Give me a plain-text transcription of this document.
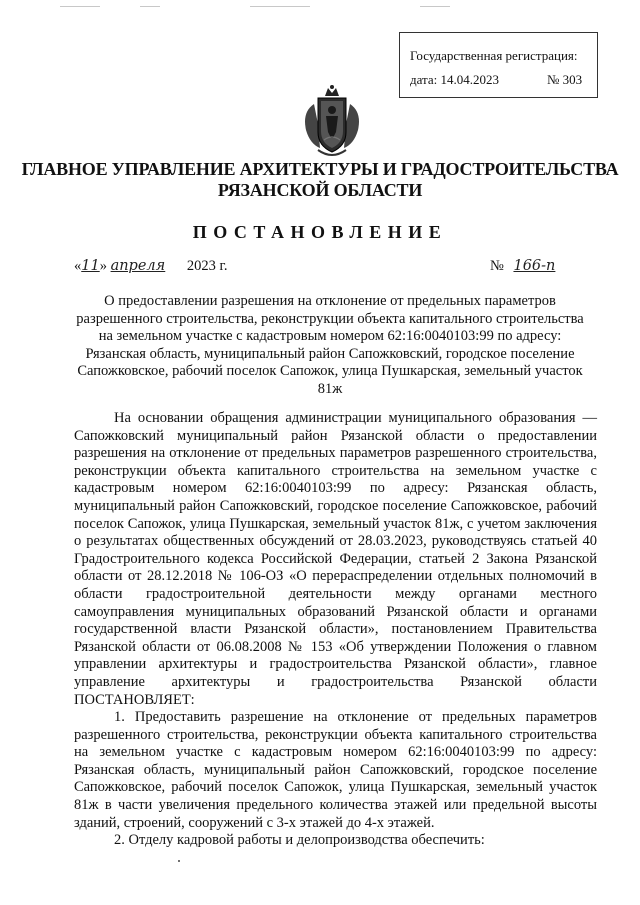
Государственная регистрация:
дата: 14.04.2023	№ 303
ГЛАВНОЕ УПРАВЛЕНИЕ АРХИТЕКТУРЫ И ГРАДОСТРОИТЕЛЬСТВА
РЯЗАНСКОЙ ОБЛАСТИ
ПОСТАНОВЛЕНИЕ
«11» апреля 2023 г.	№ 166-п
О предоставлении разрешения на отклонение от предельных параметров
разрешенного строительства, реконструкции объекта капитального строительства
на земельном участке с кадастровым номером 62:16:0040103:99 по адресу:
Рязанская область, муниципальный район Сапожковский, городское поселение
Сапожковское, рабочий поселок Сапожок, улица Пушкарская, земельный участок
81ж

На основании обращения администрации муниципального образования — Сапожковский муниципальный район Рязанской области о предоставлении разрешения на отклонение от предельных параметров разрешенного строительства, реконструкции объекта капитального строительства на земельном участке с кадастровым номером 62:16:0040103:99 по адресу: Рязанская область, муниципальный район Сапожковский, городское поселение Сапожковское, рабочий поселок Сапожок, улица Пушкарская, земельный участок 81ж, с учетом заключения о результатах общественных обсуждений от 28.03.2023, руководствуясь статьей 40 Градостроительного кодекса Российской Федерации, статьей 2 Закона Рязанской области от 28.12.2018 № 106-ОЗ «О перераспределении отдельных полномочий в области градостроительной деятельности между органами местного самоуправления муниципальных образований Рязанской области и органами государственной власти Рязанской области», постановлением Правительства Рязанской области от 06.08.2008 № 153 «Об утверждении Положения о главном управлении архитектуры и градостроительства Рязанской области», главное управление архитектуры и градостроительства Рязанской области ПОСТАНОВЛЯЕТ:

1. Предоставить разрешение на отклонение от предельных параметров разрешенного строительства, реконструкции объекта капитального строительства на земельном участке с кадастровым номером 62:16:0040103:99 по адресу: Рязанская область, муниципальный район Сапожковский, городское поселение Сапожковское, рабочий поселок Сапожок, улица Пушкарская, земельный участок 81ж в части увеличения предельного количества этажей или предельной высоты зданий, строений, сооружений с 3-х этажей до 4-х этажей.

2. Отделу кадровой работы и делопроизводства обеспечить:
